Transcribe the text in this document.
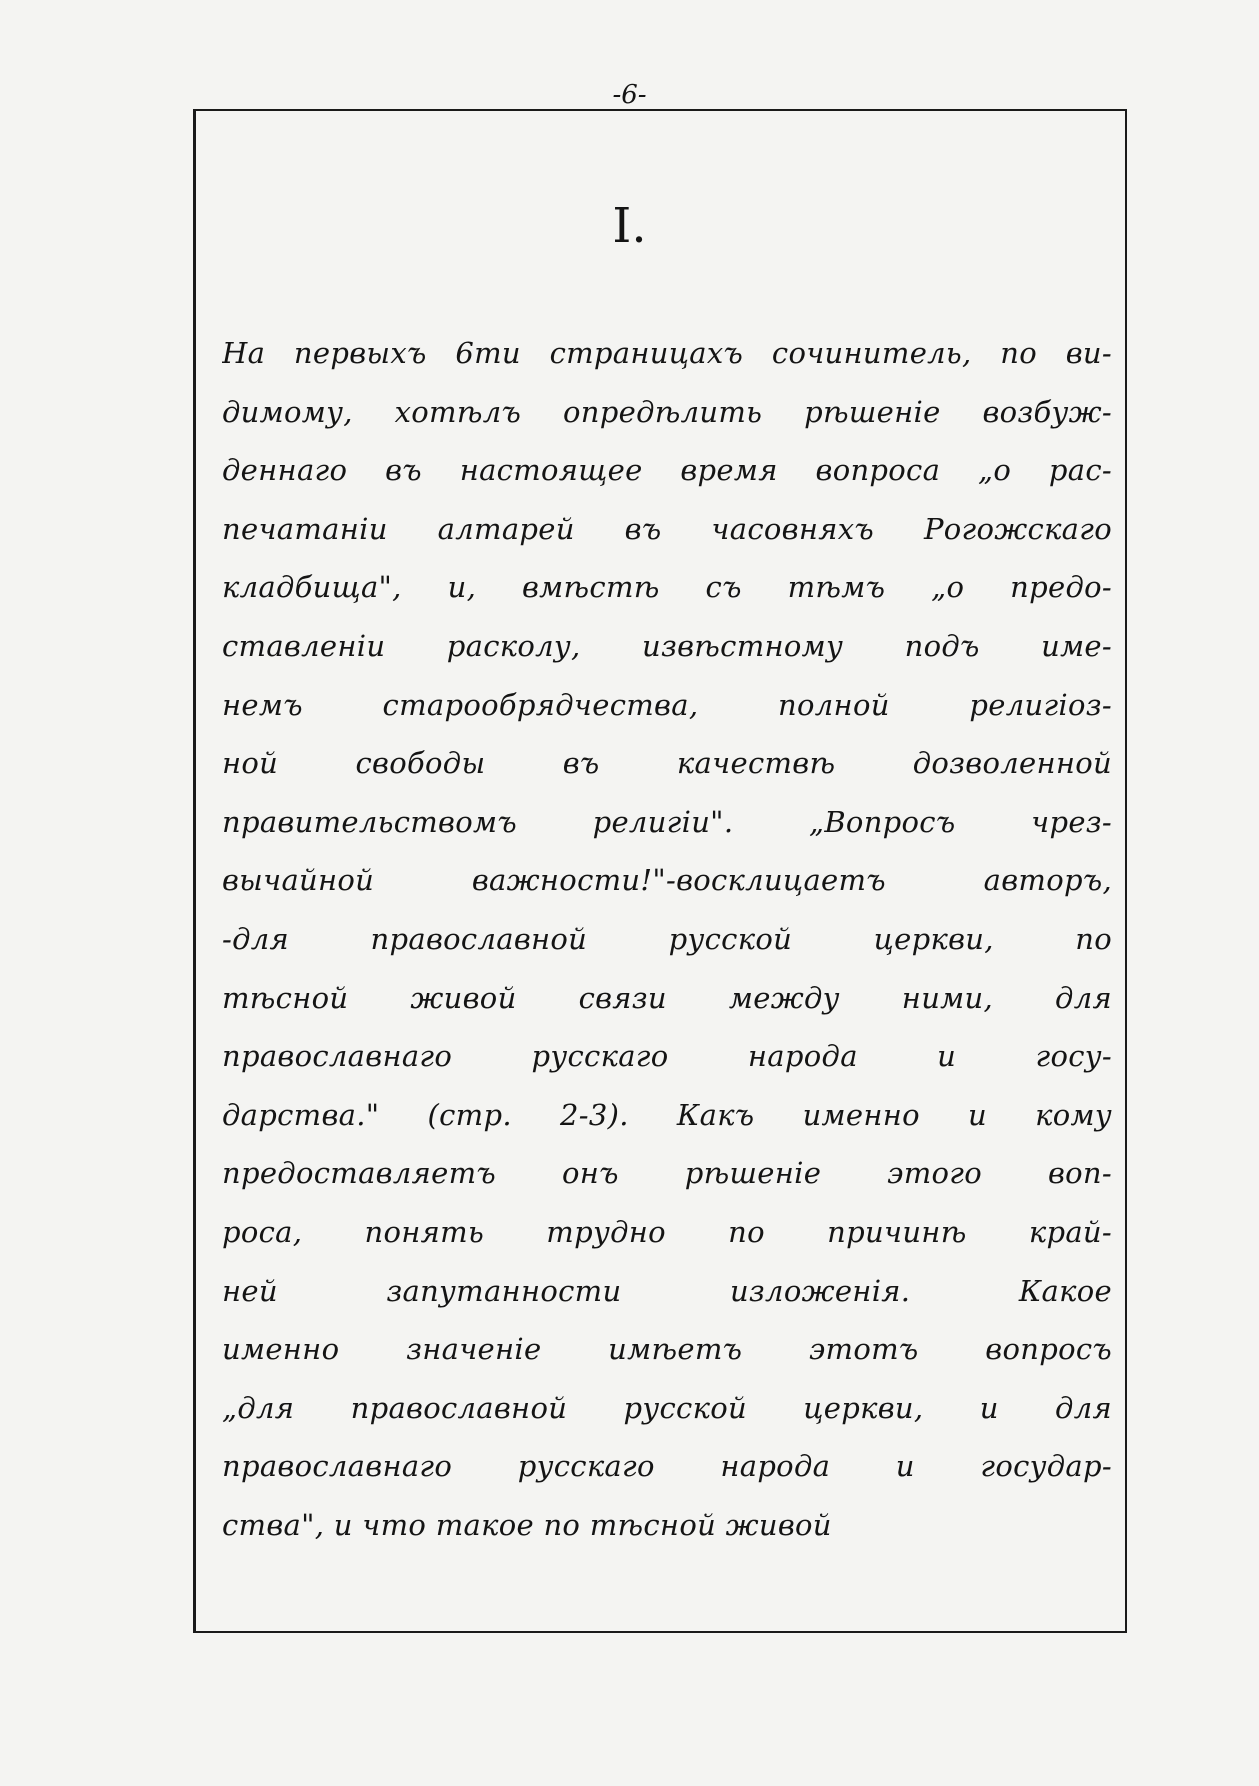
-6-
I.
На первыхъ 6ти страницахъ сочинитель, по ви-
димому, хотѣлъ опредѣлить рѣшеніе возбуж-
деннаго въ настоящее время вопроса „о рас-
печатаніи алтарей въ часовняхъ Рогожскаго
кладбища", и, вмѣстѣ съ тѣмъ „о предо-
ставленіи расколу, извѣстному подъ име-
немъ старообрядчества, полной религіоз-
ной свободы въ качествѣ дозволенной
правительствомъ религіи". „Вопросъ чрез-
вычайной важности!"-восклицаетъ авторъ,
-для православной русской церкви, по
тѣсной живой связи между ними, для
православнаго русскаго народа и госу-
дарства." (стр. 2-3). Какъ именно и кому
предоставляетъ онъ рѣшеніе этого воп-
роса, понять трудно по причинѣ край-
ней запутанности изложенія. Какое
именно значеніе имѣетъ этотъ вопросъ
„для православной русской церкви, и для
православнаго русскаго народа и государ-
ства", и что такое по тѣсной живой
